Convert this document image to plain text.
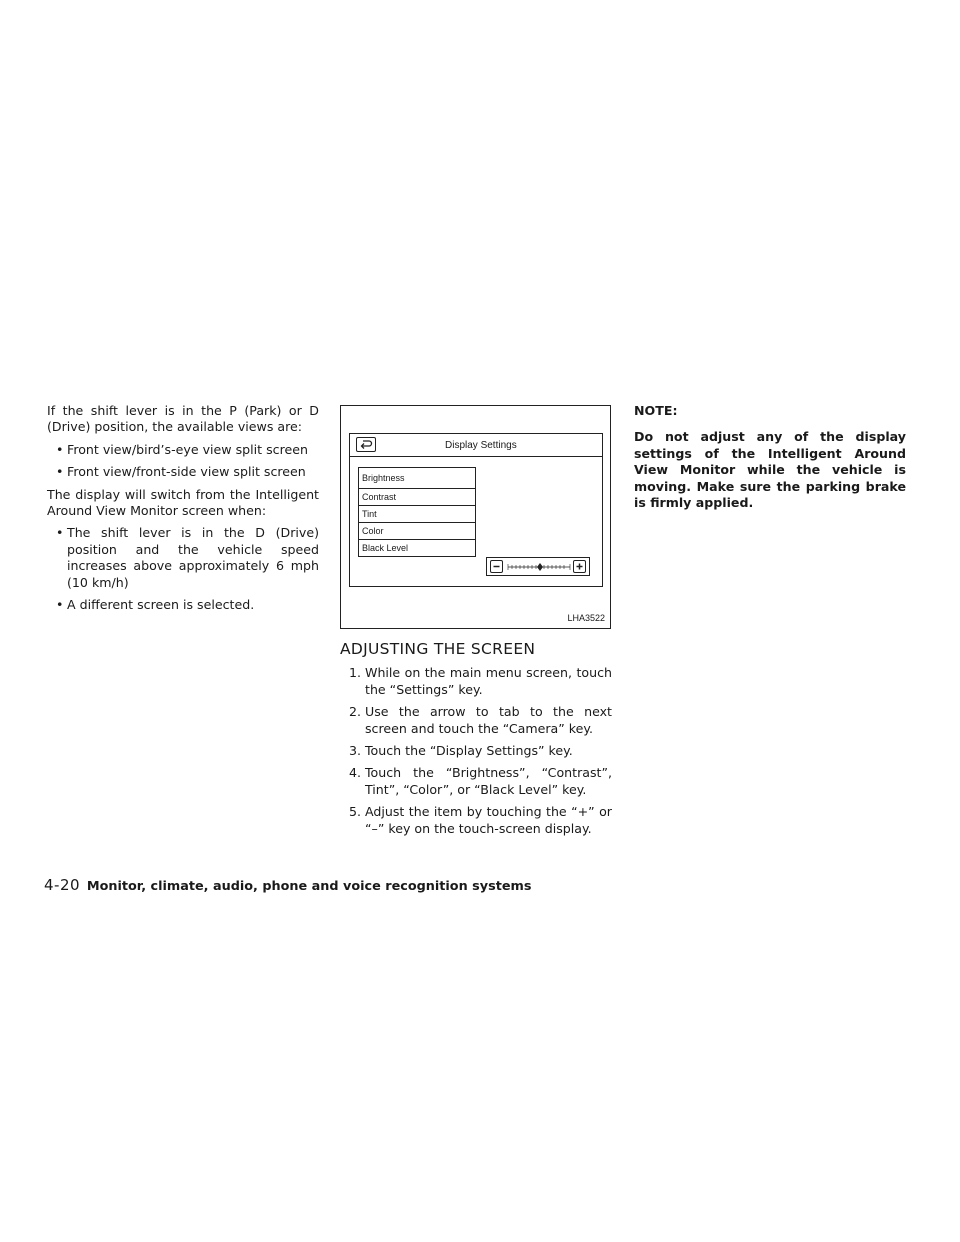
If the shift lever is in the P (Park) or D (Drive) position, the available views are:

• Front view/bird’s-eye view split screen
• Front view/front-side view split screen

The display will switch from the Intelligent Around View Monitor screen when:

• The shift lever is in the D (Drive) position and the vehicle speed increases above approximately 6 mph (10 km/h)
• A different screen is selected.
Display Settings
Brightness
Contrast
Tint
Color
Black Level
LHA3522
ADJUSTING THE SCREEN
1. While on the main menu screen, touch the “Settings” key.
2. Use the arrow to tab to the next screen and touch the “Camera” key.
3. Touch the “Display Settings” key.
4. Touch the “Brightness”, “Contrast”, Tint”, “Color”, or “Black Level” key.
5. Adjust the item by touching the “+” or “–” key on the touch-screen display.

NOTE:

Do not adjust any of the display settings of the Intelligent Around View Monitor while the vehicle is moving. Make sure the parking brake is firmly applied.

4-20 Monitor, climate, audio, phone and voice recognition systems
